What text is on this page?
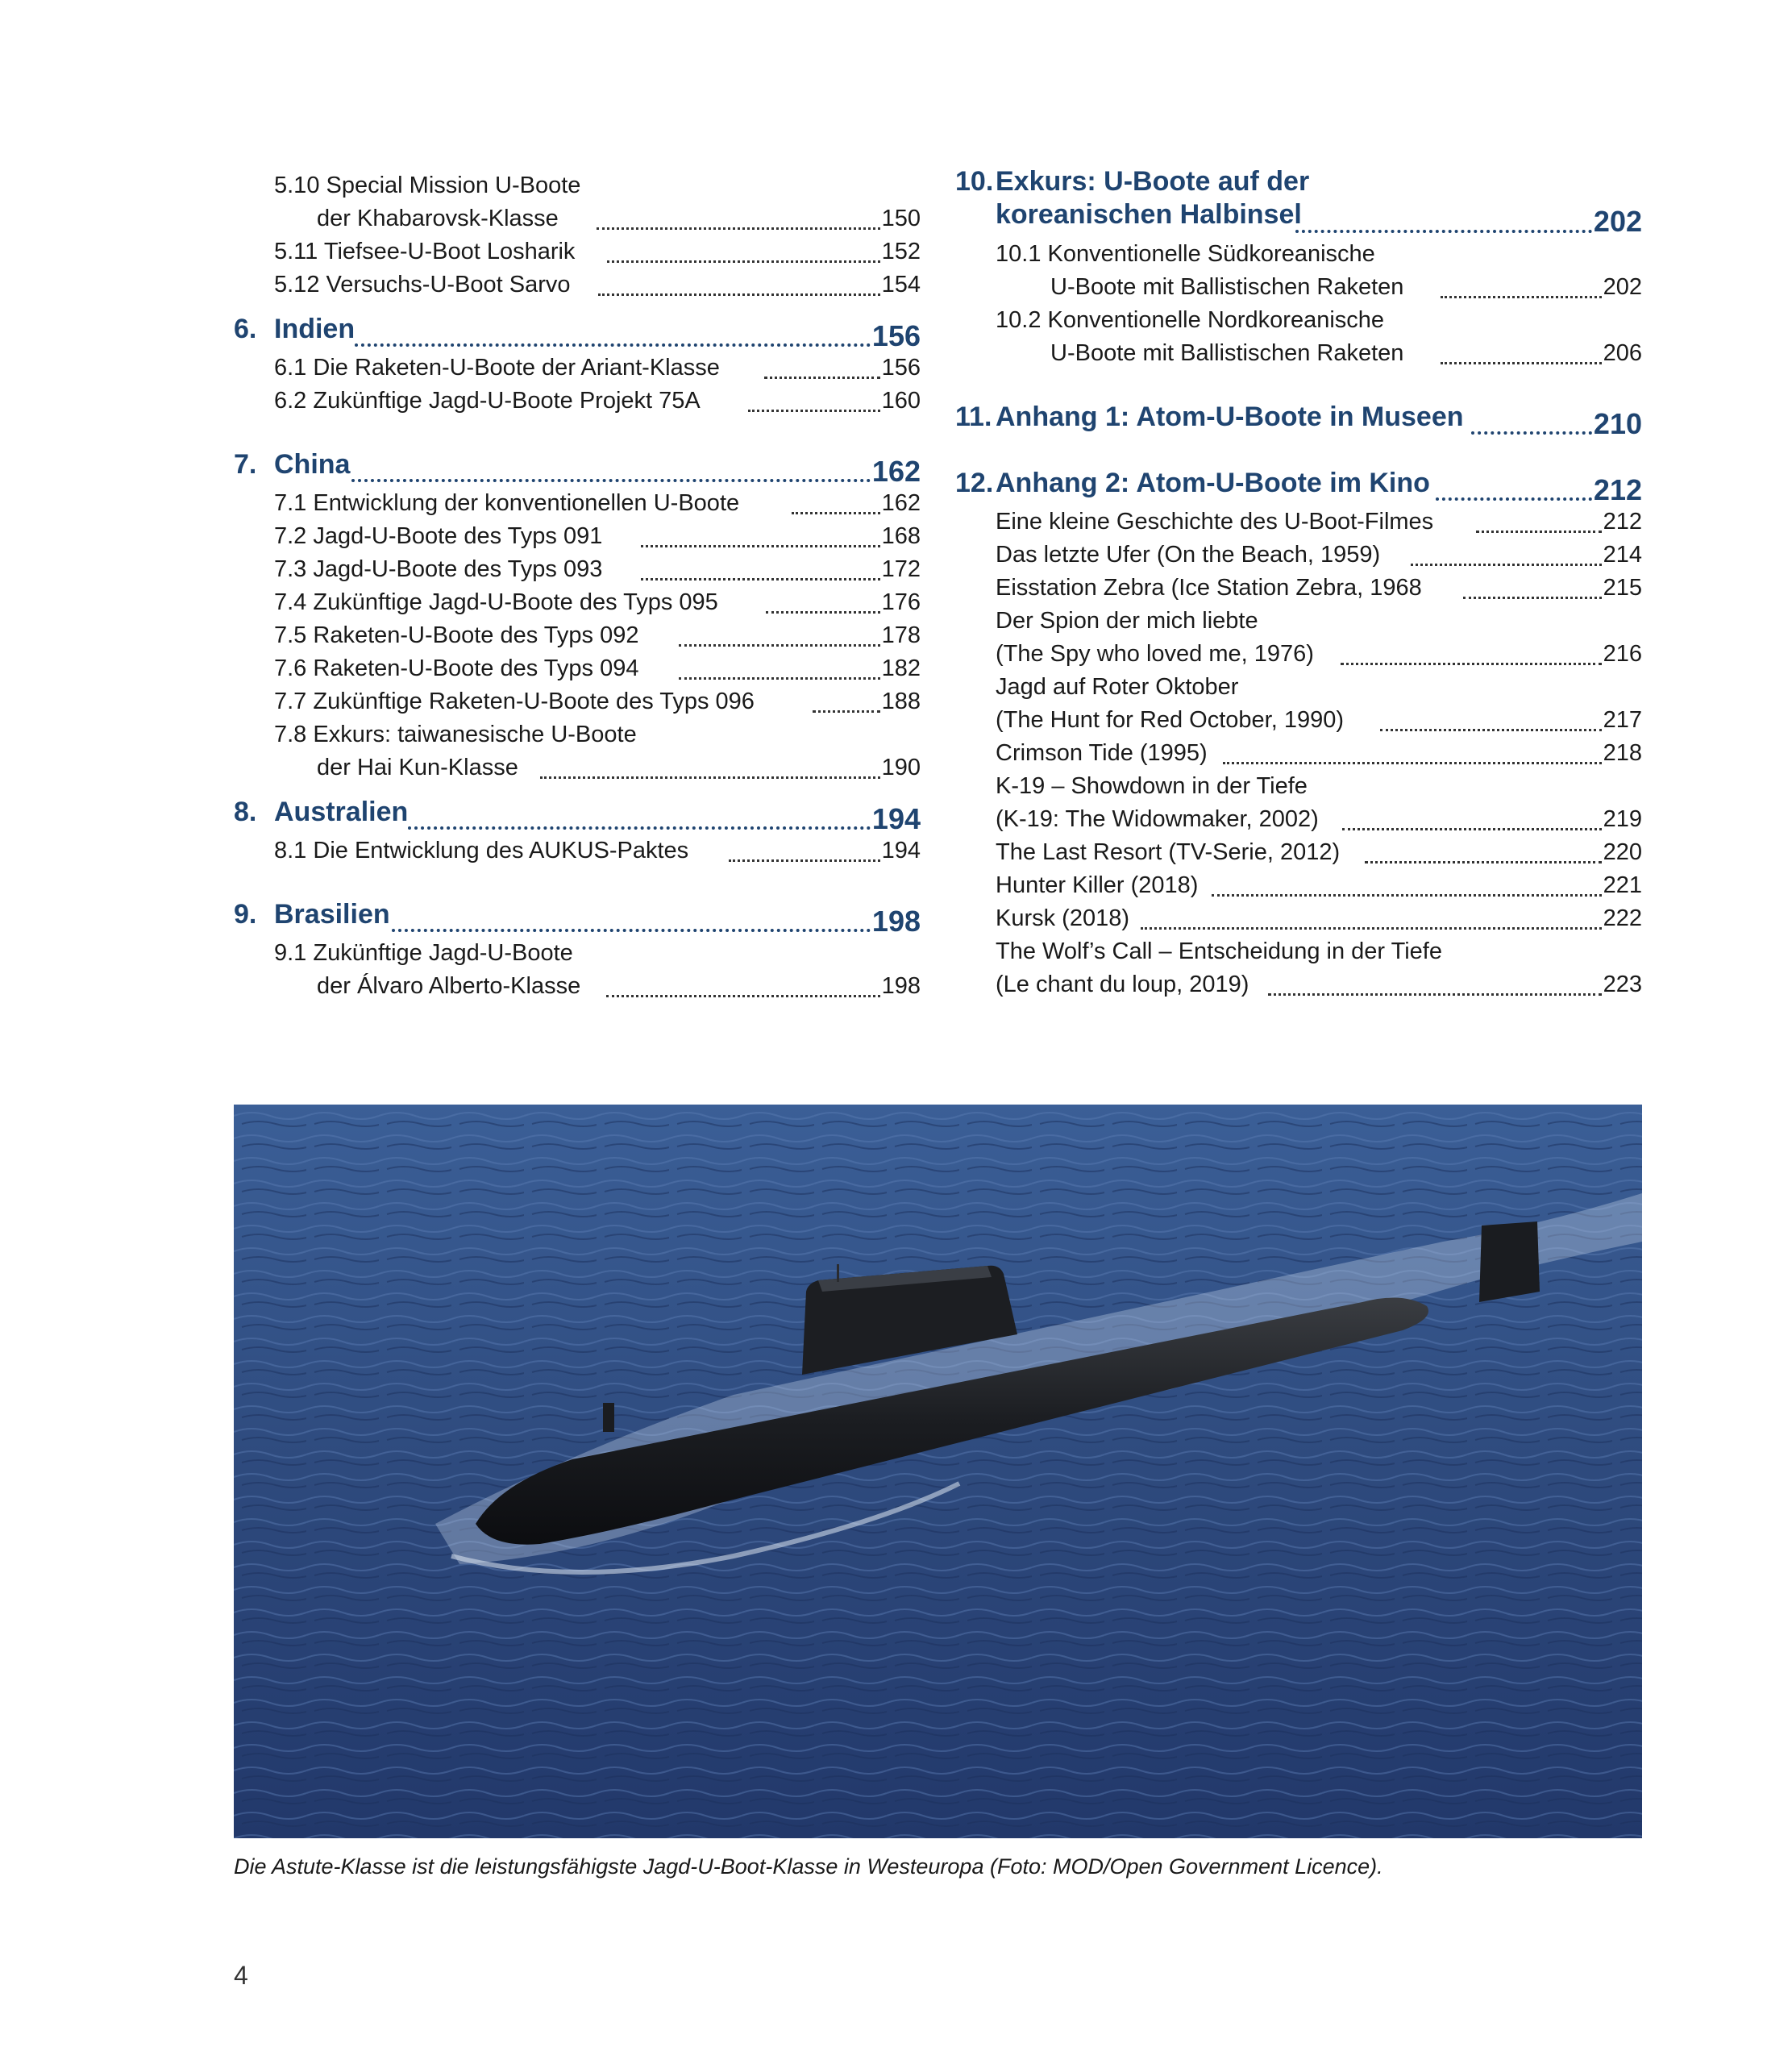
5.10 Special Mission U-Boote
der Khabarovsk-Klasse	150
5.11 Tiefsee-U-Boot Losharik	152
5.12 Versuchs-U-Boot Sarvo	154
6. Indien	156
6.1 Die Raketen-U-Boote der Ariant-Klasse	156
6.2 Zukünftige Jagd-U-Boote Projekt 75A	160
7. China	162
7.1 Entwicklung der konventionellen U-Boote	162
7.2 Jagd-U-Boote des Typs 091	168
7.3 Jagd-U-Boote des Typs 093	172
7.4 Zukünftige Jagd-U-Boote des Typs 095	176
7.5 Raketen-U-Boote des Typs 092	178
7.6 Raketen-U-Boote des Typs 094	182
7.7 Zukünftige Raketen-U-Boote des Typs 096	188
7.8 Exkurs: taiwanesische U-Boote
der Hai Kun-Klasse	190
8. Australien	194
8.1 Die Entwicklung des AUKUS-Paktes	194
9. Brasilien	198
9.1 Zukünftige Jagd-U-Boote
der Álvaro Alberto-Klasse	198
10. Exkurs: U-Boote auf der
koreanischen Halbinsel	202
10.1 Konventionelle Südkoreanische
U-Boote mit Ballistischen Raketen	202
10.2 Konventionelle Nordkoreanische
U-Boote mit Ballistischen Raketen	206
11. Anhang 1: Atom-U-Boote in Museen	210
12. Anhang 2: Atom-U-Boote im Kino	212
Eine kleine Geschichte des U-Boot-Filmes	212
Das letzte Ufer (On the Beach, 1959)	214
Eisstation Zebra (Ice Station Zebra, 1968	215
Der Spion der mich liebte
(The Spy who loved me, 1976)	216
Jagd auf Roter Oktober
(The Hunt for Red October, 1990)	217
Crimson Tide (1995)	218
K-19 – Showdown in der Tiefe
(K-19: The Widowmaker, 2002)	219
The Last Resort (TV-Serie, 2012)	220
Hunter Killer (2018)	221
Kursk (2018)	222
The Wolf’s Call – Entscheidung in der Tiefe
(Le chant du loup, 2019)	223
Die Astute-Klasse ist die leistungsfähigste Jagd-U-Boot-Klasse in Westeuropa (Foto: MOD/Open Government Licence).
4
